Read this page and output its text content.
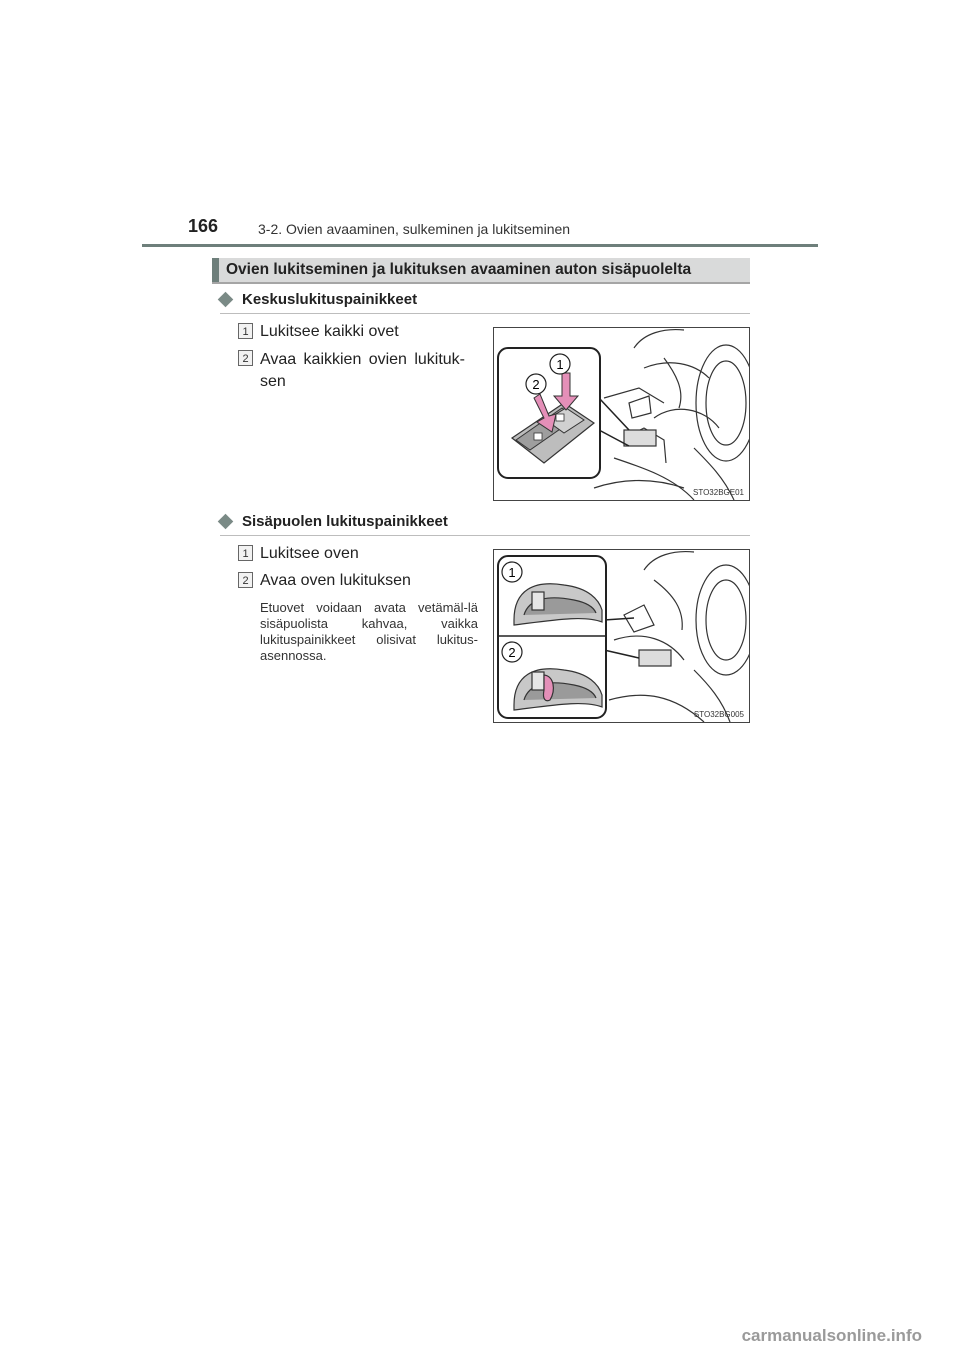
166	3-2. Ovien avaaminen, sulkeminen ja lukitseminen
Ovien lukitseminen ja lukituksen avaaminen auton sisäpuolelta
Keskuslukituspainikkeet
1 Lukitsee kaikki ovet
2 Avaa kaikkien ovien lukituk-sen
1
2
STO32BGE01
Sisäpuolen lukituspainikkeet
1 Lukitsee oven
2 Avaa oven lukituksen
Etuovet voidaan avata vetämäl-lä sisäpuolista kahvaa, vaikka lukituspainikkeet olisivat lukitus-asennossa.
1
2
STO32BG005
carmanualsonline.info
